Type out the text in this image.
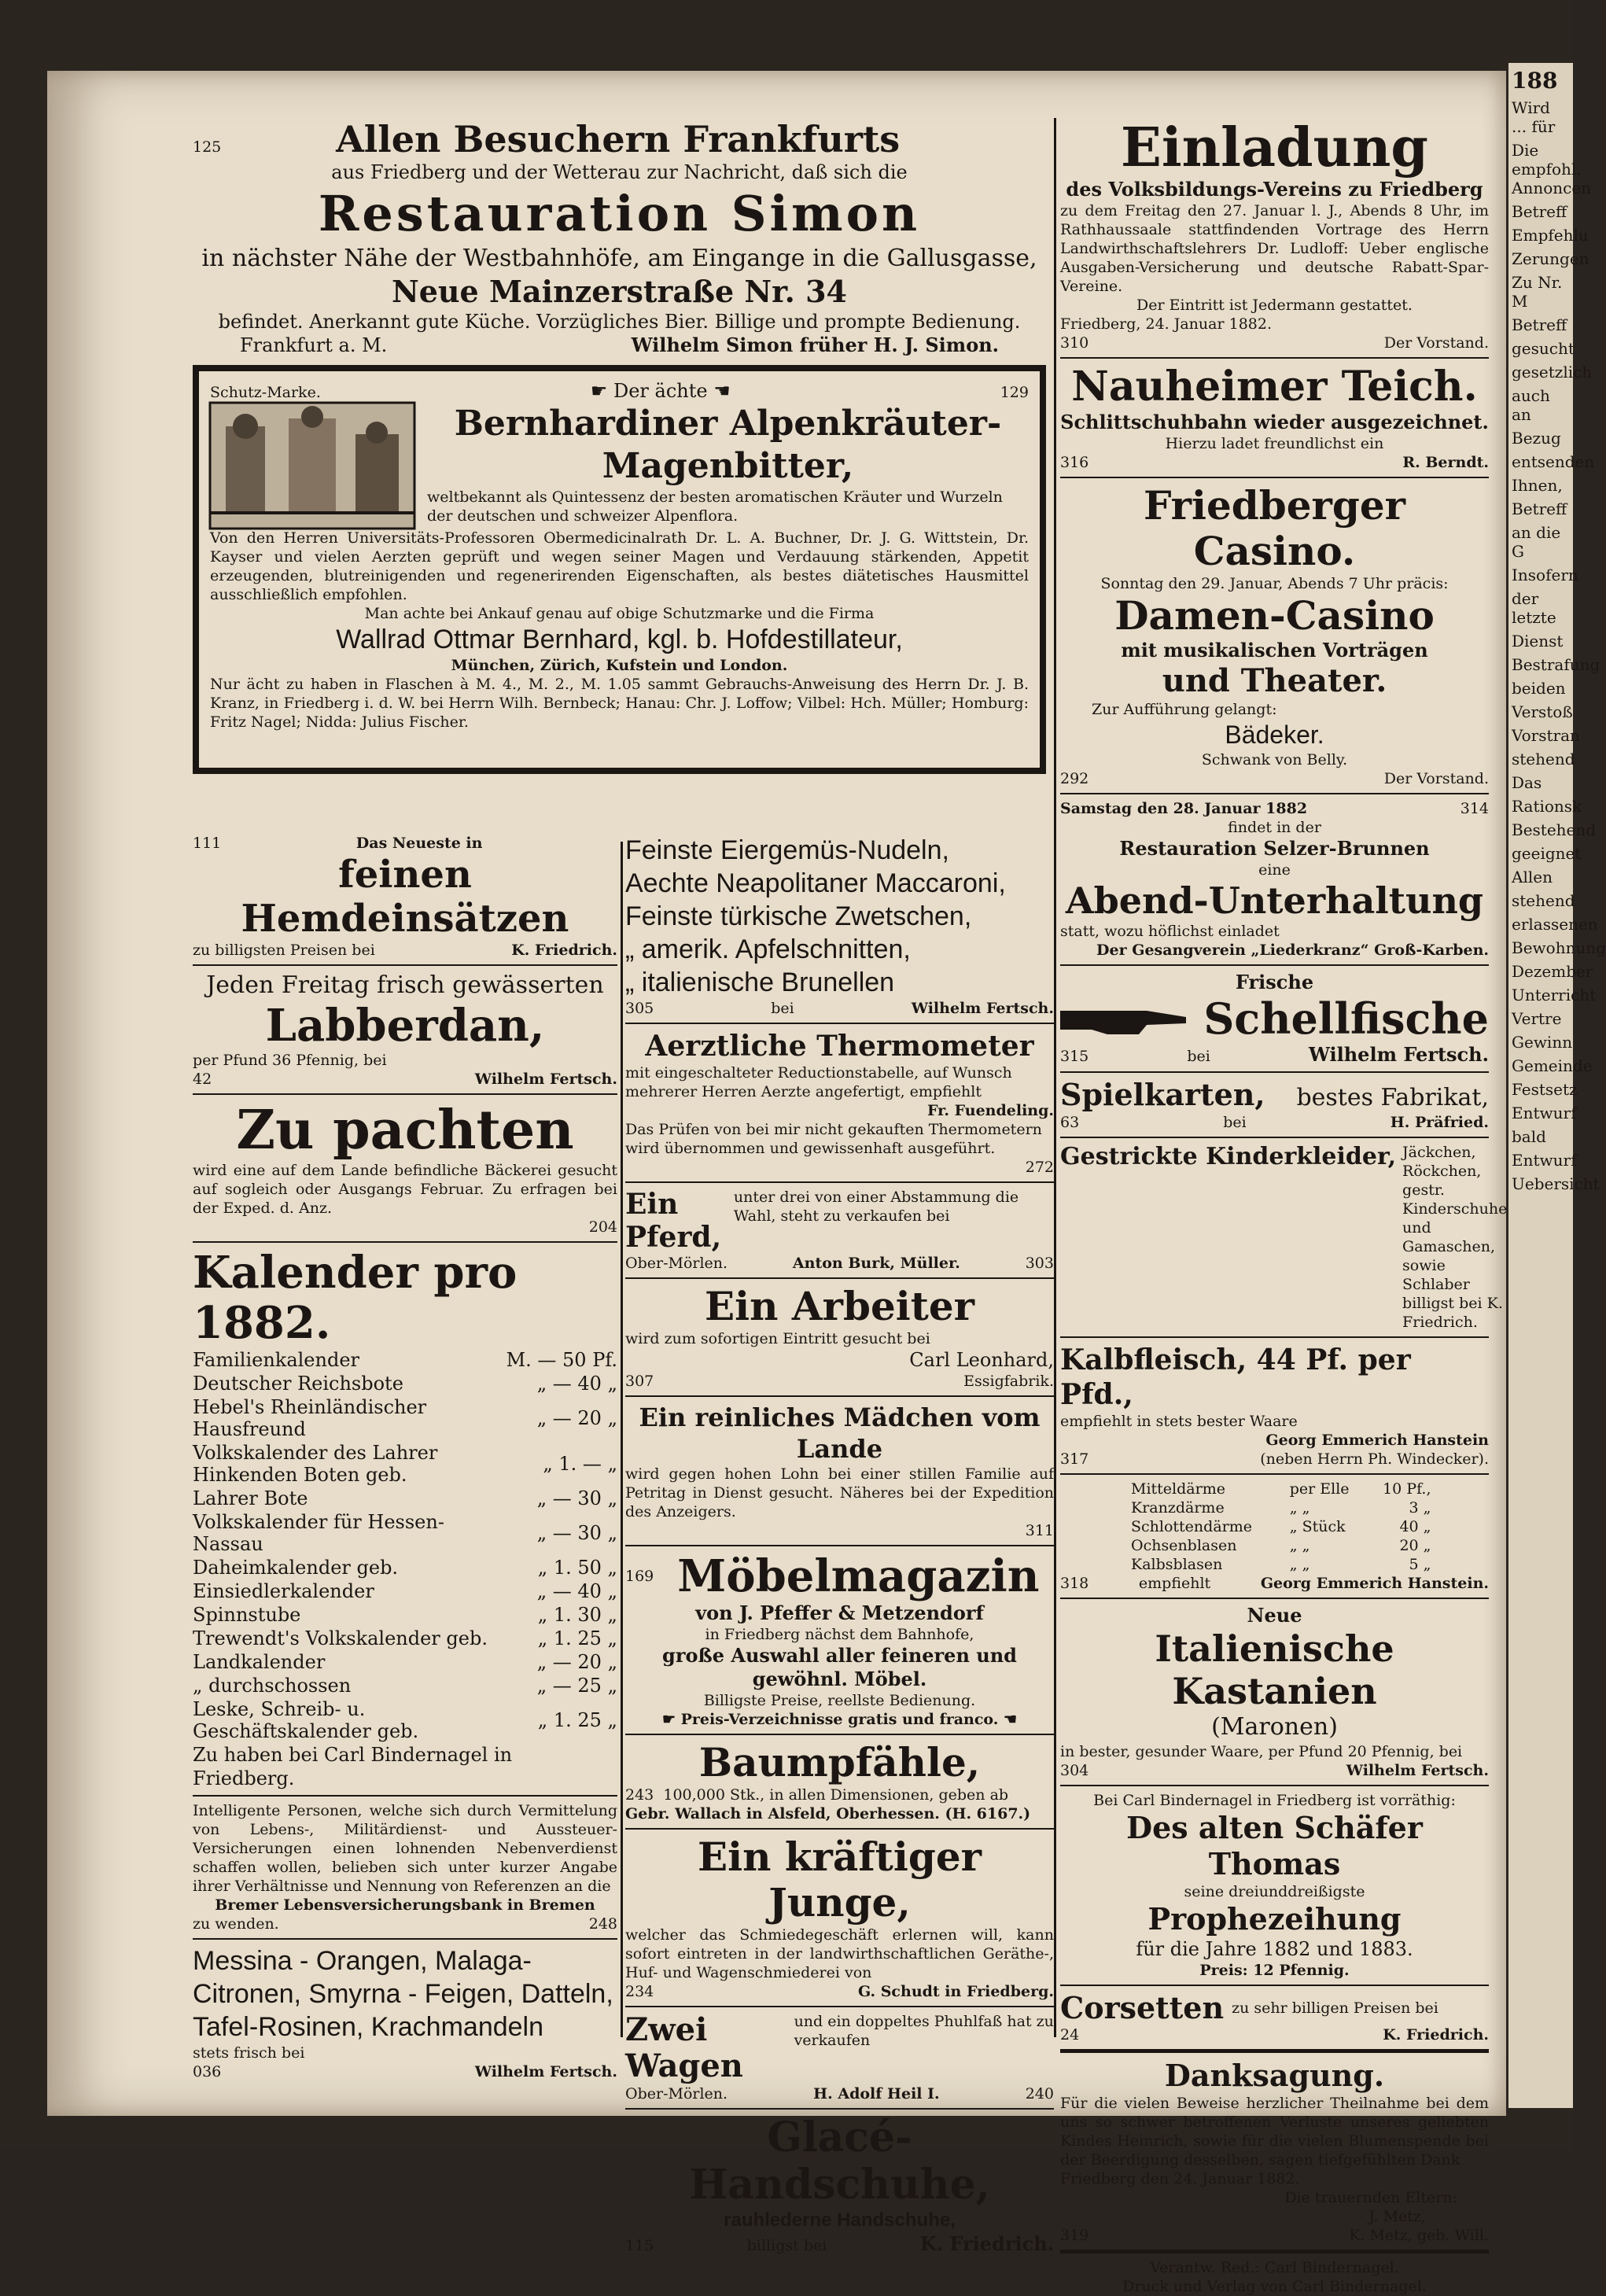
188
Wird ... für
Die empfohl. Annoncen
Betreff
Empfehlu
Zerungen
Zu Nr. M
Betreff
gesucht
gesetzlich
auch an
Bezug
entsenden
Ihnen,
Betreff
an die G
Insofern
der letzte
Dienst
Bestrafung
beiden
Verstoß
Vorstran
stehend
Das
Rationsk
Bestehend
geeignet
Allen
stehend
erlassenen
Bewohnung
Dezember
Unterricht
Vertre
Gewinn
Gemeinde
Festsetz
Entwurf
bald
Entwurf
Uebersicht
125	Allen Besuchern Frankfurts
aus Friedberg und der Wetterau zur Nachricht, daß sich die
Restauration Simon
in nächster Nähe der Westbahnhöfe, am Eingange in die Gallusgasse,
Neue Mainzerstraße Nr. 34
befindet. Anerkannt gute Küche. Vorzügliches Bier. Billige und prompte Bedienung.
Frankfurt a. M.	Wilhelm Simon früher H. J. Simon.
Schutz-Marke.	☛ Der ächte ☚	129
Bernhardiner Alpenkräuter-
Magenbitter,
weltbekannt als Quintessenz der besten aromatischen Kräuter und Wurzeln der deutschen und schweizer Alpenflora.
Von den Herren Universitäts-Professoren Obermedicinalrath Dr. L. A. Buchner, Dr. J. G. Wittstein, Dr. Kayser und vielen Aerzten geprüft und wegen seiner Magen und Verdauung stärkenden, Appetit erzeugenden, blutreinigenden und regenerirenden Eigenschaften, als bestes diätetisches Hausmittel ausschließlich empfohlen.
Man achte bei Ankauf genau auf obige Schutzmarke und die Firma
Wallrad Ottmar Bernhard, kgl. b. Hofdestillateur,
München, Zürich, Kufstein und London.
Nur ächt zu haben in Flaschen à M. 4., M. 2., M. 1.05 sammt Gebrauchs-Anweisung des Herrn Dr. J. B. Kranz, in Friedberg i. d. W. bei Herrn Wilh. Bernbeck; Hanau: Chr. J. Loffow; Vilbel: Hch. Müller; Homburg: Fritz Nagel; Nidda: Julius Fischer.
111	Das Neueste in
feinen Hemdeinsätzen
zu billigsten Preisen bei	K. Friedrich.
Jeden Freitag frisch gewässerten
Labberdan,
per Pfund 36 Pfennig, bei
42	Wilhelm Fertsch.
Zu pachten
wird eine auf dem Lande befindliche Bäckerei gesucht auf sogleich oder Ausgangs Februar. Zu erfragen bei der Exped. d. Anz.
204
Kalender pro 1882.
Familienkalender	M. — 50 Pf.
Deutscher Reichsbote	„ — 40 „
Hebel's Rheinländischer Hausfreund	„ — 20 „
Volkskalender des Lahrer Hinkenden Boten geb.	„ 1. — „
Lahrer Bote	„ — 30 „
Volkskalender für Hessen-Nassau	„ — 30 „
Daheimkalender geb.	„ 1. 50 „
Einsiedlerkalender	„ — 40 „
Spinnstube	„ 1. 30 „
Trewendt's Volkskalender geb.	„ 1. 25 „
Landkalender	„ — 20 „
„ durchschossen	„ — 25 „
Leske, Schreib- u. Geschäftskalender geb.	„ 1. 25 „
Zu haben bei Carl Bindernagel in Friedberg.
Intelligente Personen, welche sich durch Vermittelung von Lebens-, Militärdienst- und Aussteuer-Versicherungen einen lohnenden Nebenverdienst schaffen wollen, belieben sich unter kurzer Angabe ihrer Verhältnisse und Nennung von Referenzen an die
Bremer Lebensversicherungsbank in Bremen
zu wenden.	248
Messina - Orangen, Malaga-Citronen, Smyrna - Feigen, Datteln, Tafel-Rosinen, Krachmandeln
stets frisch bei
036	Wilhelm Fertsch.
Feinste Eiergemüs-Nudeln,
Aechte Neapolitaner Maccaroni,
Feinste türkische Zwetschen,
„ amerik. Apfelschnitten,
„ italienische Brunellen
305	bei	Wilhelm Fertsch.
Aerztliche Thermometer
mit eingeschalteter Reductionstabelle, auf Wunsch mehrerer Herren Aerzte angefertigt, empfiehlt
Fr. Fuendeling.
Das Prüfen von bei mir nicht gekauften Thermometern wird übernommen und gewissenhaft ausgeführt.
272
Ein Pferd,
unter drei von einer Abstammung die Wahl, steht zu verkaufen bei
Ober-Mörlen.	Anton Burk, Müller.	303
Ein Arbeiter
wird zum sofortigen Eintritt gesucht bei
Carl Leonhard,
307	Essigfabrik.
Ein reinliches Mädchen vom Lande
wird gegen hohen Lohn bei einer stillen Familie auf Petritag in Dienst gesucht. Näheres bei der Expedition des Anzeigers.
311
169 Möbelmagazin
von J. Pfeffer & Metzendorf
in Friedberg nächst dem Bahnhofe,
große Auswahl aller feineren und gewöhnl. Möbel.
Billigste Preise, reellste Bedienung.
☛ Preis-Verzeichnisse gratis und franco. ☚
Baumpfähle,
243 100,000 Stk., in allen Dimensionen, geben ab
Gebr. Wallach in Alsfeld, Oberhessen. (H. 6167.)
Ein kräftiger Junge,
welcher das Schmiedegeschäft erlernen will, kann sofort eintreten in der landwirthschaftlichen Geräthe-, Huf- und Wagenschmiederei von
234	G. Schudt in Friedberg.
Zwei Wagen
und ein doppeltes Phuhlfaß hat zu verkaufen
Ober-Mörlen.	H. Adolf Heil I.	240
Glacé-Handschuhe,
rauhlederne Handschuhe,
115	billigst bei	K. Friedrich.
Einladung
des Volksbildungs-Vereins zu Friedberg
zu dem Freitag den 27. Januar l. J., Abends 8 Uhr, im Rathhaussaale stattfindenden Vortrage des Herrn Landwirthschaftslehrers Dr. Ludloff: Ueber englische Ausgaben-Versicherung und deutsche Rabatt-Spar-Vereine.
Der Eintritt ist Jedermann gestattet.
Friedberg, 24. Januar 1882.
310	Der Vorstand.
Nauheimer Teich.
Schlittschuhbahn wieder ausgezeichnet.
Hierzu ladet freundlichst ein
316	R. Berndt.
Friedberger Casino.
Sonntag den 29. Januar, Abends 7 Uhr präcis:
Damen-Casino
mit musikalischen Vorträgen
und Theater.
Zur Aufführung gelangt:
Bädeker.
Schwank von Belly.
292	Der Vorstand.
Samstag den 28. Januar 1882	314
findet in der
Restauration Selzer-Brunnen
eine
Abend-Unterhaltung
statt, wozu höflichst einladet
Der Gesangverein „Liederkranz“ Groß-Karben.
Frische
Schellfische
315	bei	Wilhelm Fertsch.
Spielkarten, bestes Fabrikat,
63	bei	H. Präfried.
Gestrickte Kinderkleider, Jäckchen, Röckchen, gestr. Kinderschuhe und Gamaschen, sowie Schlaber billigst bei K. Friedrich.
Kalbfleisch, 44 Pf. per Pfd.,
empfiehlt in stets bester Waare
Georg Emmerich Hanstein
317	(neben Herrn Ph. Windecker).
Mitteldärme	per Elle	10 Pf.,
Kranzdärme	„ „	3 „
Schlottendärme	„ Stück	40 „
Ochsenblasen	„ „	20 „
Kalbsblasen	„ „	5 „
318	empfiehlt	Georg Emmerich Hanstein.
Neue
Italienische Kastanien
(Maronen)
in bester, gesunder Waare, per Pfund 20 Pfennig, bei
304	Wilhelm Fertsch.
Bei Carl Bindernagel in Friedberg ist vorräthig:
Des alten Schäfer Thomas
seine dreiunddreißigste
Prophezeihung
für die Jahre 1882 und 1883.
Preis: 12 Pfennig.
Corsetten zu sehr billigen Preisen bei
24	K. Friedrich.
Danksagung.
Für die vielen Beweise herzlicher Theilnahme bei dem uns so schwer betroffenen Verluste unseres geliebten Kindes Heinrich, sowie für die vielen Blumenspende bei der Beerdigung desselben, sagen tiefgefühlten Dank
Friedberg den 24. Januar 1882.
Die trauernden Eltern:
J. Metz,
319	K. Metz, geb. Will.
Verantw. Red.: Carl Bindernagel.
Druck und Verlag von Carl Bindernagel.
